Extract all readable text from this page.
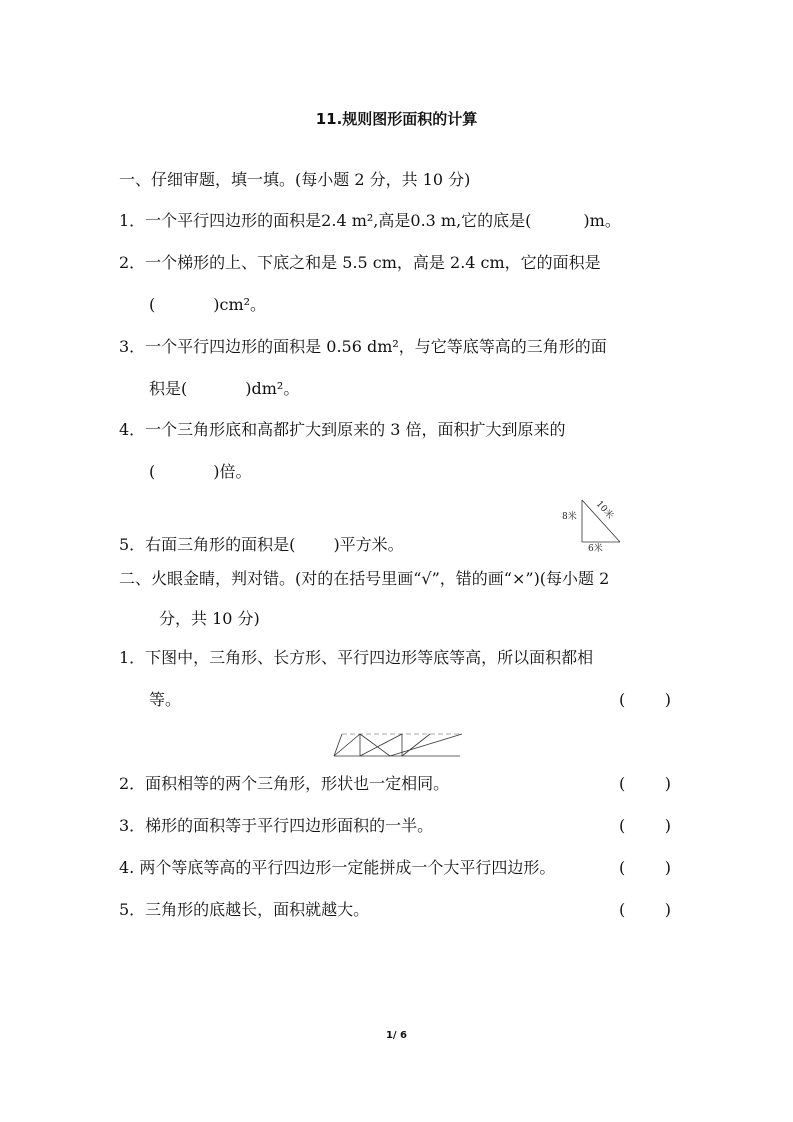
11.规则图形面积的计算
一、仔细审题，填一填。(每小题 2 分，共 10 分)
1．一个平行四边形的面积是2.4 m²,高是0.3 m,它的底是(	)m。
2．一个梯形的上、下底之和是 5.5 cm，高是 2.4 cm，它的面积是
(	)cm²。
3．一个平行四边形的面积是 0.56 dm²，与它等底等高的三角形的面
积是(	)dm²。
4．一个三角形底和高都扩大到原来的 3 倍，面积扩大到原来的
(	)倍。
5．右面三角形的面积是( )平方米。
8米 10米
6米
二、火眼金睛，判对错。(对的在括号里画“√”，错的画“×”)(每小题 2
分，共 10 分)
1．下图中，三角形、长方形、平行四边形等底等高，所以面积都相
等。	( )
2．面积相等的两个三角形，形状也一定相同。	( )
3．梯形的面积等于平行四边形面积的一半。	( )
4. 两个等底等高的平行四边形一定能拼成一个大平行四边形。	( )
5．三角形的底越长，面积就越大。	( )
1/ 6
